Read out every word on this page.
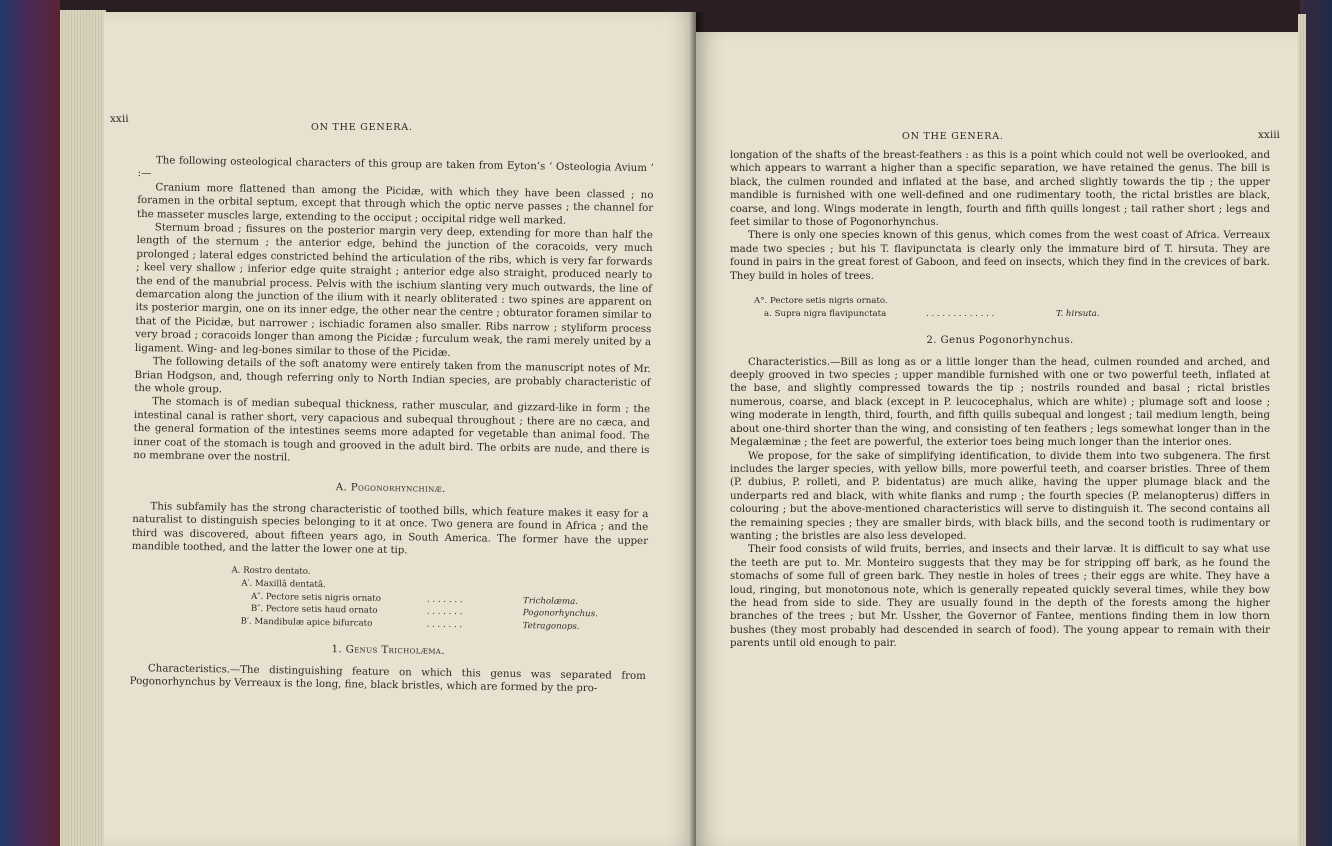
xxii
ON THE GENERA.

The following osteological characters of this group are taken from Eyton’s ‘ Osteologia Avium ’ :—

Cranium more flattened than among the Picidæ, with which they have been classed ; no foramen in the orbital septum, except that through which the optic nerve passes ; the channel for the masseter muscles large, extending to the occiput ; occipital ridge well marked.

Sternum broad ; fissures on the posterior margin very deep, extending for more than half the length of the sternum ; the anterior edge, behind the junction of the coracoids, very much prolonged ; lateral edges constricted behind the articulation of the ribs, which is very far forwards ; keel very shallow ; inferior edge quite straight ; anterior edge also straight, produced nearly to the end of the manubrial process. Pelvis with the ischium slanting very much outwards, the line of demarcation along the junction of the ilium with it nearly obliterated : two spines are apparent on its posterior margin, one on its inner edge, the other near the centre ; obturator foramen similar to that of the Picidæ, but narrower ; ischiadic foramen also smaller. Ribs narrow ; styliform process very broad ; coracoids longer than among the Picidæ ; furculum weak, the rami merely united by a ligament. Wing- and leg-bones similar to those of the Picidæ.

The following details of the soft anatomy were entirely taken from the manuscript notes of Mr. Brian Hodgson, and, though referring only to North Indian species, are probably characteristic of the whole group.

The stomach is of median subequal thickness, rather muscular, and gizzard-like in form ; the intestinal canal is rather short, very capacious and subequal throughout ; there are no cæca, and the general formation of the intestines seems more adapted for vegetable than animal food. The inner coat of the stomach is tough and grooved in the adult bird. The orbits are nude, and there is no membrane over the nostril.

A. Pogonorhynchinæ.

This subfamily has the strong characteristic of toothed bills, which feature makes it easy for a naturalist to distinguish species belonging to it at once. Two genera are found in Africa ; and the third was discovered, about fifteen years ago, in South America. The former have the upper mandible toothed, and the latter the lower one at tip.

A. Rostro dentato.
A′. Maxillâ dentatâ.
A″. Pectore setis nigris ornato	. . . . . . .	Tricholæma.
B″. Pectore setis haud ornato	. . . . . . .	Pogonorhynchus.
B′. Mandibulæ apice bifurcato	. . . . . . .	Tetragonops.
1. Genus Tricholæma.

Characteristics.—The distinguishing feature on which this genus was separated from Pogonorhynchus by Verreaux is the long, fine, black bristles, which are formed by the pro-

ON THE GENERA.	xxiii

longation of the shafts of the breast-feathers : as this is a point which could not well be overlooked, and which appears to warrant a higher than a specific separation, we have retained the genus. The bill is black, the culmen rounded and inflated at the base, and arched slightly towards the tip ; the upper mandible is furnished with one well-defined and one rudimentary tooth, the rictal bristles are black, coarse, and long. Wings moderate in length, fourth and fifth quills longest ; tail rather short ; legs and feet similar to those of Pogonorhynchus.

There is only one species known of this genus, which comes from the west coast of Africa. Verreaux made two species ; but his T. flavipunctata is clearly only the immature bird of T. hirsuta. They are found in pairs in the great forest of Gaboon, and feed on insects, which they find in the crevices of bark. They build in holes of trees.

A°. Pectore setis nigris ornato.
a. Supra nigra flavipunctata	. . . . . . . . . . . . .	T. hirsuta.
2. Genus Pogonorhynchus.

Characteristics.—Bill as long as or a little longer than the head, culmen rounded and arched, and deeply grooved in two species ; upper mandible furnished with one or two powerful teeth, inflated at the base, and slightly compressed towards the tip ; nostrils rounded and basal ; rictal bristles numerous, coarse, and black (except in P. leucocephalus, which are white) ; plumage soft and loose ; wing moderate in length, third, fourth, and fifth quills subequal and longest ; tail medium length, being about one-third shorter than the wing, and consisting of ten feathers ; legs somewhat longer than in the Megalæminæ ; the feet are powerful, the exterior toes being much longer than the interior ones.

We propose, for the sake of simplifying identification, to divide them into two subgenera. The first includes the larger species, with yellow bills, more powerful teeth, and coarser bristles. Three of them (P. dubius, P. rolleti, and P. bidentatus) are much alike, having the upper plumage black and the underparts red and black, with white flanks and rump ; the fourth species (P. melanopterus) differs in colouring ; but the above-mentioned characteristics will serve to distinguish it. The second contains all the remaining species ; they are smaller birds, with black bills, and the second tooth is rudimentary or wanting ; the bristles are also less developed.

Their food consists of wild fruits, berries, and insects and their larvæ. It is difficult to say what use the teeth are put to. Mr. Monteiro suggests that they may be for stripping off bark, as he found the stomachs of some full of green bark. They nestle in holes of trees ; their eggs are white. They have a loud, ringing, but monotonous note, which is generally repeated quickly several times, while they bow the head from side to side. They are usually found in the depth of the forests among the higher branches of the trees ; but Mr. Ussher, the Governor of Fantee, mentions finding them in low thorn bushes (they most probably had descended in search of food). The young appear to remain with their parents until old enough to pair.
